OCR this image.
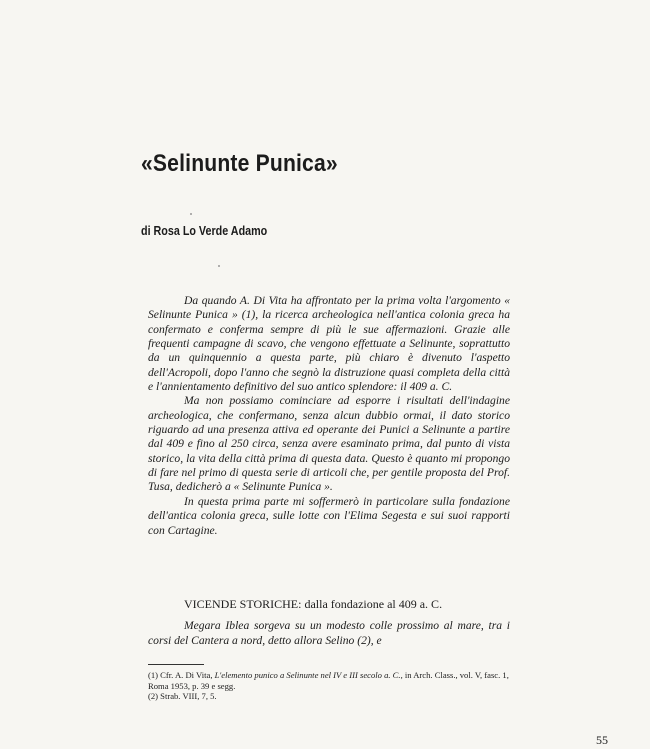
«Selinunte Punica»
di Rosa Lo Verde Adamo

Da quando A. Di Vita ha affrontato per la prima volta l'argomento « Selinunte Punica » (1), la ricerca archeologica nell'antica colonia greca ha confermato e conferma sempre di più le sue affermazioni. Grazie alle frequenti campagne di scavo, che vengono effettuate a Selinunte, soprattutto da un quinquennio a questa parte, più chiaro è divenuto l'aspetto dell'Acropoli, dopo l'anno che segnò la distruzione quasi completa della città e l'annientamento definitivo del suo antico splendore: il 409 a. C.

Ma non possiamo cominciare ad esporre i risultati dell'indagine archeologica, che confermano, senza alcun dubbio ormai, il dato storico riguardo ad una presenza attiva ed operante dei Punici a Selinunte a partire dal 409 e fino al 250 circa, senza avere esaminato prima, dal punto di vista storico, la vita della città prima di questa data. Questo è quanto mi propongo di fare nel primo di questa serie di articoli che, per gentile proposta del Prof. Tusa, dedicherò a « Selinunte Punica ».

In questa prima parte mi soffermerò in particolare sulla fondazione dell'antica colonia greca, sulle lotte con l'Elima Segesta e sui suoi rapporti con Cartagine.

VICENDE STORICHE: dalla fondazione al 409 a. C.

Megara Iblea sorgeva su un modesto colle prossimo al mare, tra i corsi del Cantera a nord, detto allora Selino (2), e

(1) Cfr. A. Di Vita, L'elemento punico a Selinunte nel IV e III secolo a. C., in Arch. Class., vol. V, fasc. 1, Roma 1953, p. 39 e segg.

(2) Strab. VIII, 7, 5.

55
